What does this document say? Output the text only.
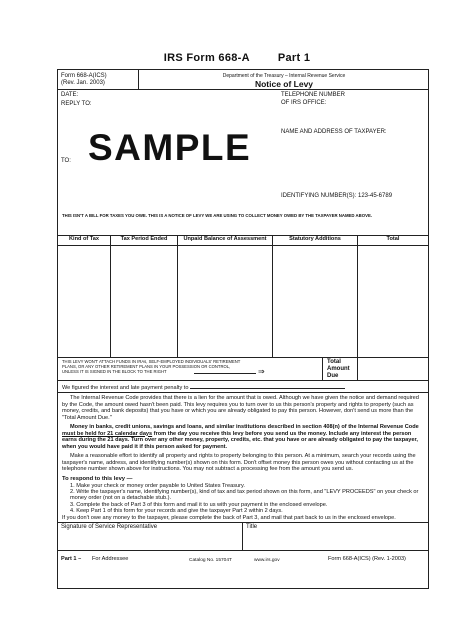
IRS Form 668-A	Part 1
Form 668-A(ICS)
(Rev. Jan. 2003)
Department of the Treasury – Internal Revenue Service
Notice of Levy
DATE:
REPLY TO:
TELEPHONE NUMBER
OF IRS OFFICE:
NAME AND ADDRESS OF TAXPAYER:
SAMPLE
TO:
IDENTIFYING NUMBER(S): 123-45-6789
THIS ISN'T A BILL FOR TAXES YOU OWE. THIS IS A NOTICE OF LEVY WE ARE USING TO COLLECT MONEY OWED BY THE TAXPAYER NAMED ABOVE.
Kind of Tax	Tax Period Ended	Unpaid Balance of Assessment	Statutory Additions	Total
THIS LEVY WON'T ATTACH FUNDS IN IRAs, SELF-EMPLOYED INDIVIDUALS' RETIREMENT
PLANS, OR ANY OTHER RETIREMENT PLANS IN YOUR POSSESSION OR CONTROL,
UNLESS IT IS SIGNED IN THE BLOCK TO THE RIGHT	⇒
Total
Amount
Due
We figured the interest and late payment penalty to
The Internal Revenue Code provides that there is a lien for the amount that is owed. Although we have given the notice and demand required by the Code, the amount owed hasn't been paid. This levy requires you to turn over to us this person's property and rights to property (such as money, credits, and bank deposits) that you have or which you are already obligated to pay this person. However, don't send us more than the "Total Amount Due."
Money in banks, credit unions, savings and loans, and similar institutions described in section 408(n) of the Internal Revenue Code must be held for 21 calendar days from the day you receive this levy before you send us the money. Include any interest the person earns during the 21 days. Turn over any other money, property, credits, etc. that you have or are already obligated to pay the taxpayer, when you would have paid it if this person asked for payment.
Make a reasonable effort to identify all property and rights to property belonging to this person. At a minimum, search your records using the taxpayer's name, address, and identifying number(s) shown on this form. Don't offset money this person owes you without contacting us at the telephone number shown above for instructions. You may not subtract a processing fee from the amount you send us.
To respond to this levy —
1. Make your check or money order payable to United States Treasury.
2. Write the taxpayer's name, identifying number(s), kind of tax and tax period shown on this form, and "LEVY PROCEEDS" on your check or money order (not on a detachable stub.).
3. Complete the back of Part 3 of this form and mail it to us with your payment in the enclosed envelope.
4. Keep Part 1 of this form for your records and give the taxpayer Part 2 within 2 days.
If you don't owe any money to the taxpayer, please complete the back of Part 3, and mail that part back to us in the enclosed envelope.
Signature of Service Representative	Title
Part 1 – For Addressee	Catalog No. 15704T	www.irs.gov	Form 668-A(ICS) (Rev. 1-2003)
